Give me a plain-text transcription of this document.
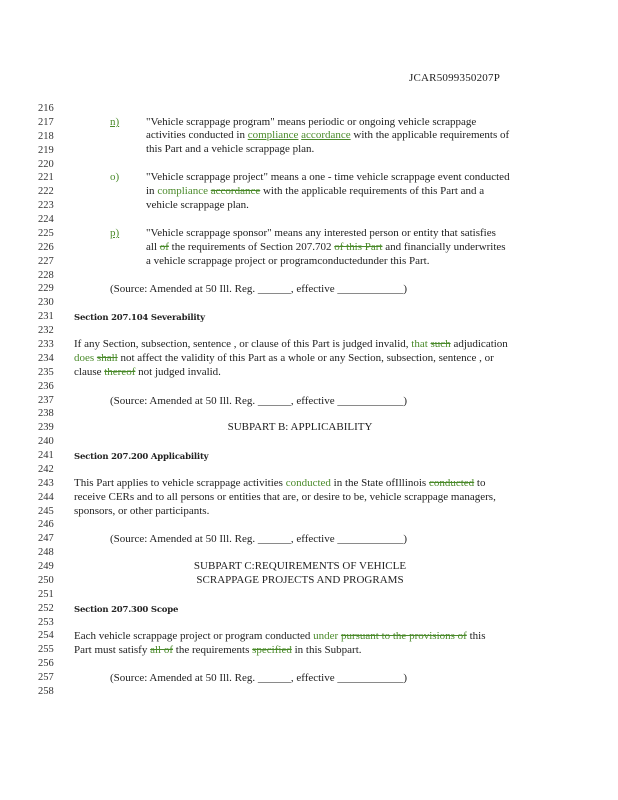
JCAR5099350207P
216
217
218
219
220
221
222
223
224
225
226
227
228
229
230
231
232
233
234
235
236
237
238
239
240
241
242
243
244
245
246
247
248
249
250
251
252
253
254
255
256
257
258
n) "Vehicle scrappage program" means periodic or ongoing vehicle scrappage
activities conducted in compliance accordance with the applicable requirements of
this Part and a vehicle scrappage plan.
o) "Vehicle scrappage project" means a one - time vehicle scrappage event conducted
in compliance accordance with the applicable requirements of this Part and a
vehicle scrappage plan.
p) "Vehicle scrappage sponsor" means any interested person or entity that satisfies
all of the requirements of Section 207.702 of this Part and financially underwrites
a vehicle scrappage project or programconductedunder this Part.
(Source: Amended at 50 Ill. Reg. ______, effective ____________)
Section 207.104 Severability
If any Section, subsection, sentence , or clause of this Part is judged invalid, that such adjudication
does shall not affect the validity of this Part as a whole or any Section, subsection, sentence , or
clause thereof not judged invalid.
(Source: Amended at 50 Ill. Reg. ______, effective ____________)
SUBPART B: APPLICABILITY
Section 207.200 Applicability
This Part applies to vehicle scrappage activities conducted in the State ofIllinois conducted to
receive CERs and to all persons or entities that are, or desire to be, vehicle scrappage managers,
sponsors, or other participants.
(Source: Amended at 50 Ill. Reg. ______, effective ____________)
SUBPART C:REQUIREMENTS OF VEHICLE
SCRAPPAGE PROJECTS AND PROGRAMS
Section 207.300 Scope
Each vehicle scrappage project or program conducted under pursuant to the provisions of this
Part must satisfy all of the requirements specified in this Subpart.
(Source: Amended at 50 Ill. Reg. ______, effective ____________)
